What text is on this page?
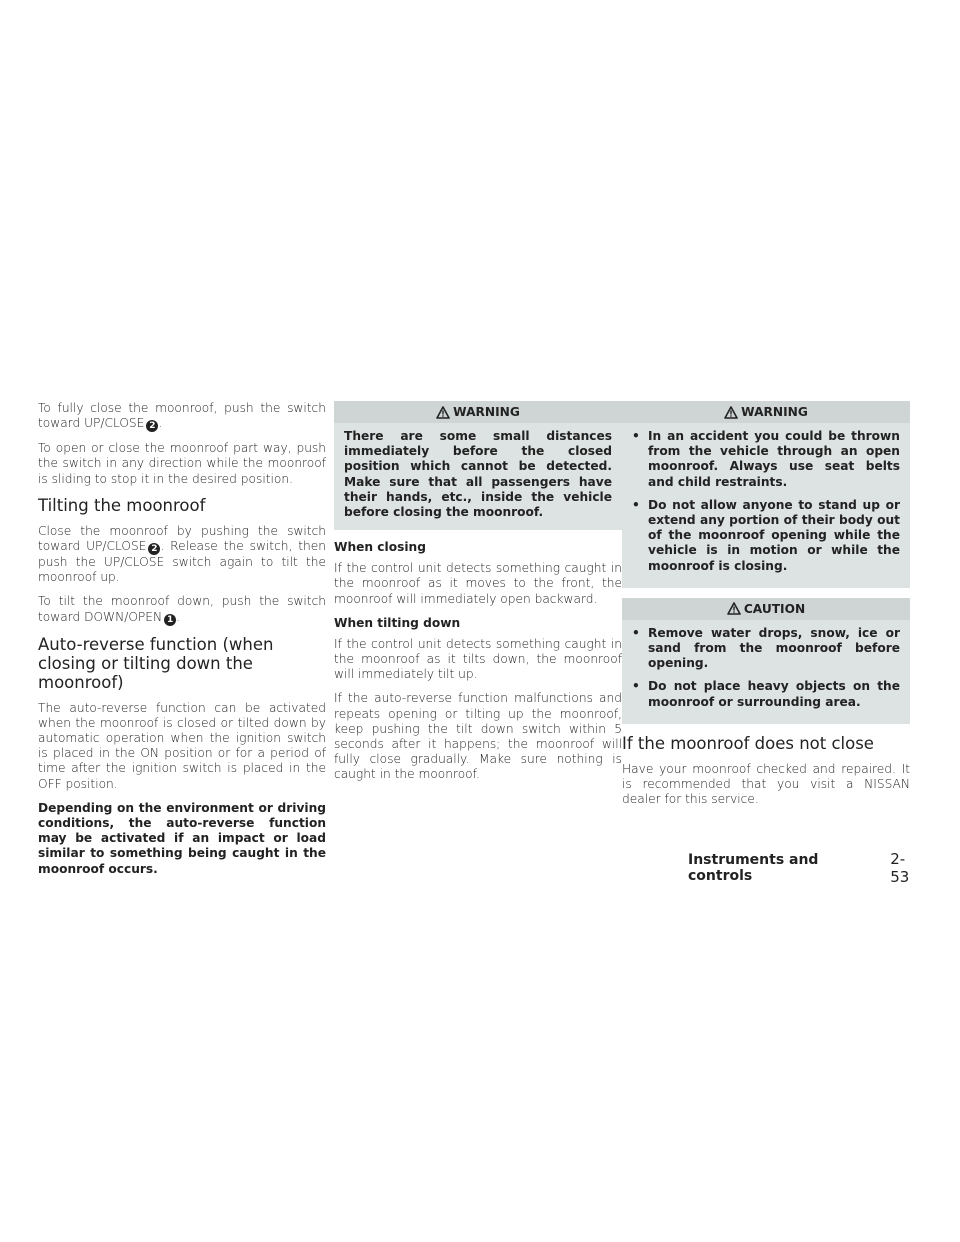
To fully close the moonroof, push the switch toward UP/CLOSE 2 .

To open or close the moonroof part way, push the switch in any direction while the moonroof is sliding to stop it in the desired position.

Tilting the moonroof

Close the moonroof by pushing the switch toward UP/CLOSE 2 . Release the switch, then push the UP/CLOSE switch again to tilt the moonroof up.

To tilt the moonroof down, push the switch toward DOWN/OPEN 1 .

Auto-reverse function (when closing or tilting down the moonroof)

The auto-reverse function can be activated when the moonroof is closed or tilted down by automatic operation when the ignition switch is placed in the ON position or for a period of time after the ignition switch is placed in the OFF position.

Depending on the environment or driving conditions, the auto-reverse function may be activated if an impact or load similar to something being caught in the moonroof occurs.

WARNING

There are some small distances immediately before the closed position which cannot be detected. Make sure that all passengers have their hands, etc., inside the vehicle before closing the moonroof.

When closing

If the control unit detects something caught in the moonroof as it moves to the front, the moonroof will immediately open backward.

When tilting down

If the control unit detects something caught in the moonroof as it tilts down, the moonroof will immediately tilt up.

If the auto-reverse function malfunctions and repeats opening or tilting up the moonroof, keep pushing the tilt down switch within 5 seconds after it happens; the moonroof will fully close gradually. Make sure nothing is caught in the moonroof.

WARNING
• In an accident you could be thrown from the vehicle through an open moonroof. Always use seat belts and child restraints.
• Do not allow anyone to stand up or extend any portion of their body out of the moonroof opening while the vehicle is in motion or while the moonroof is closing.
CAUTION
• Remove water drops, snow, ice or sand from the moonroof before opening.
• Do not place heavy objects on the moonroof or surrounding area.
If the moonroof does not close

Have your moonroof checked and repaired. It is recommended that you visit a NISSAN dealer for this service.

Instruments and controls
2-53
